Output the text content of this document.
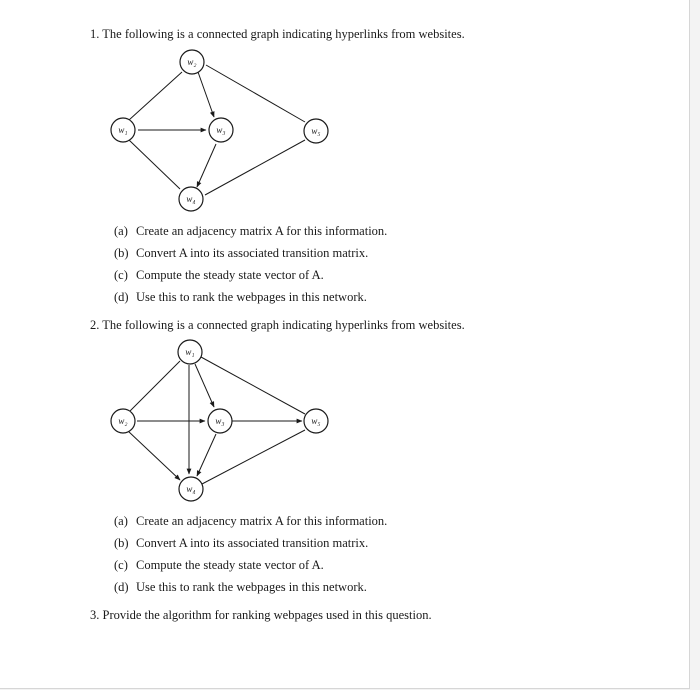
1. The following is a connected graph indicating hyperlinks from websites.
w₁
w₂
w₃
w₄
w₅
(a) Create an adjacency matrix A for this information.
(b) Convert A into its associated transition matrix.
(c) Compute the steady state vector of A.
(d) Use this to rank the webpages in this network.
2. The following is a connected graph indicating hyperlinks from websites.
w₁
w₂	w₃
w₄
w₅
(a) Create an adjacency matrix A for this information.
(b) Convert A into its associated transition matrix.
(c) Compute the steady state vector of A.
(d) Use this to rank the webpages in this network.
3. Provide the algorithm for ranking webpages used in this question.
